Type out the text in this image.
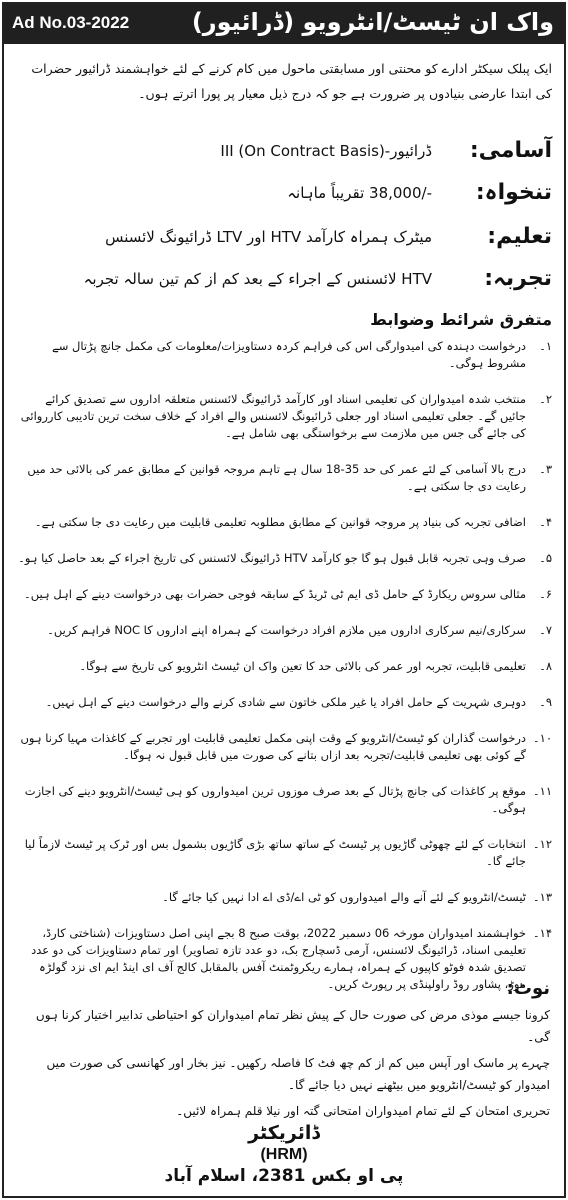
واک ان ٹیسٹ/انٹرویو (ڈرائیور)
Ad No.03-2022
ایک پبلک سیکٹر ادارے کو محنتی اور مسابقتی ماحول میں کام کرنے کے لئے خواہشمند ڈرائیور حضرات کی ابتدا عارضی بنیادوں پر ضرورت ہے جو کہ درج ذیل معیار پر پورا اترتے ہوں۔
آسامی:
ڈرائیور-III (On Contract Basis)
تنخواہ:
-/38,000 تقریباً ماہانہ
تعلیم:
میٹرک ہمراہ کارآمد HTV اور LTV ڈرائیونگ لائسنس
تجربہ:
HTV لائسنس کے اجراء کے بعد کم از کم تین سالہ تجربہ
متفرق شرائط وضوابط
۱۔
درخواست دہندہ کی امیدوارگی اس کی فراہم کردہ دستاویزات/معلومات کی مکمل جانچ پڑتال سے مشروط ہوگی۔
۲۔
منتخب شدہ امیدواران کی تعلیمی اسناد اور کارآمد ڈرائیونگ لائسنس متعلقہ اداروں سے تصدیق کرائے جائیں گے۔ جعلی تعلیمی اسناد اور جعلی ڈرائیونگ لائسنس والے افراد کے خلاف سخت ترین تادیبی کارروائی کی جائے گی جس میں ملازمت سے برخواستگی بھی شامل ہے۔
۳۔
درج بالا آسامی کے لئے عمر کی حد 35-18 سال ہے تاہم مروجہ قوانین کے مطابق عمر کی بالائی حد میں رعایت دی جا سکتی ہے۔
۴۔
اضافی تجربہ کی بنیاد پر مروجہ قوانین کے مطابق مطلوبہ تعلیمی قابلیت میں رعایت دی جا سکتی ہے۔
۵۔
صرف وہی تجربہ قابل قبول ہو گا جو کارآمد HTV ڈرائیونگ لائسنس کی تاریخ اجراء کے بعد حاصل کیا ہو۔
۶۔
مثالی سروس ریکارڈ کے حامل ڈی ایم ٹی ٹریڈ کے سابقہ فوجی حضرات بھی درخواست دینے کے اہل ہیں۔
۷۔
سرکاری/نیم سرکاری اداروں میں ملازم افراد درخواست کے ہمراہ اپنے اداروں کا NOC فراہم کریں۔
۸۔
تعلیمی قابلیت، تجربہ اور عمر کی بالائی حد کا تعین واک ان ٹیسٹ انٹرویو کی تاریخ سے ہوگا۔
۹۔
دوہری شہریت کے حامل افراد یا غیر ملکی خاتون سے شادی کرنے والے درخواست دینے کے اہل نہیں۔
۱۰۔
درخواست گذاران کو ٹیسٹ/انٹرویو کے وقت اپنی مکمل تعلیمی قابلیت اور تجربے کے کاغذات مہیا کرنا ہوں گے کوئی بھی تعلیمی قابلیت/تجربہ بعد ازاں بتانے کی صورت میں قابل قبول نہ ہوگا۔
۱۱۔
موقع پر کاغذات کی جانچ پڑتال کے بعد صرف موزوں ترین امیدواروں کو ہی ٹیسٹ/انٹرویو دینے کی اجازت ہوگی۔
۱۲۔
انتخابات کے لئے چھوٹی گاڑیوں پر ٹیسٹ کے ساتھ ساتھ بڑی گاڑیوں بشمول بس اور ٹرک پر ٹیسٹ لازماً لیا جائے گا۔
۱۳۔
ٹیسٹ/انٹرویو کے لئے آنے والے امیدواروں کو ٹی اے/ڈی اے ادا نہیں کیا جائے گا۔
۱۴۔
خواہشمند امیدواران مورخہ 06 دسمبر 2022، بوقت صبح 8 بجے اپنی اصل دستاویزات (شناختی کارڈ، تعلیمی اسناد، ڈرائیونگ لائسنس، آرمی ڈسچارج بک، دو عدد تازہ تصاویر) اور تمام دستاویزات کی دو عدد تصدیق شدہ فوٹو کاپیوں کے ہمراہ، ہمارے ریکروٹمنٹ آفس بالمقابل کالج آف ای اینڈ ایم ای نزد گولڑہ موڑ، پشاور روڈ راولپنڈی پر رپورٹ کریں۔
نوٹ:

کرونا جیسے موذی مرض کی صورت حال کے پیش نظر تمام امیدواران کو احتیاطی تدابیر اختیار کرنا ہوں گی۔

چہرے پر ماسک اور آپس میں کم از کم چھ فٹ کا فاصلہ رکھیں۔ نیز بخار اور کھانسی کی صورت میں امیدوار کو ٹیسٹ/انٹرویو میں بیٹھنے نہیں دیا جائے گا۔

تحریری امتحان کے لئے تمام امیدواران امتحانی گتہ اور نیلا قلم ہمراہ لائیں۔

ڈائریکٹر
(HRM)
پی او بکس 2381، اسلام آباد
